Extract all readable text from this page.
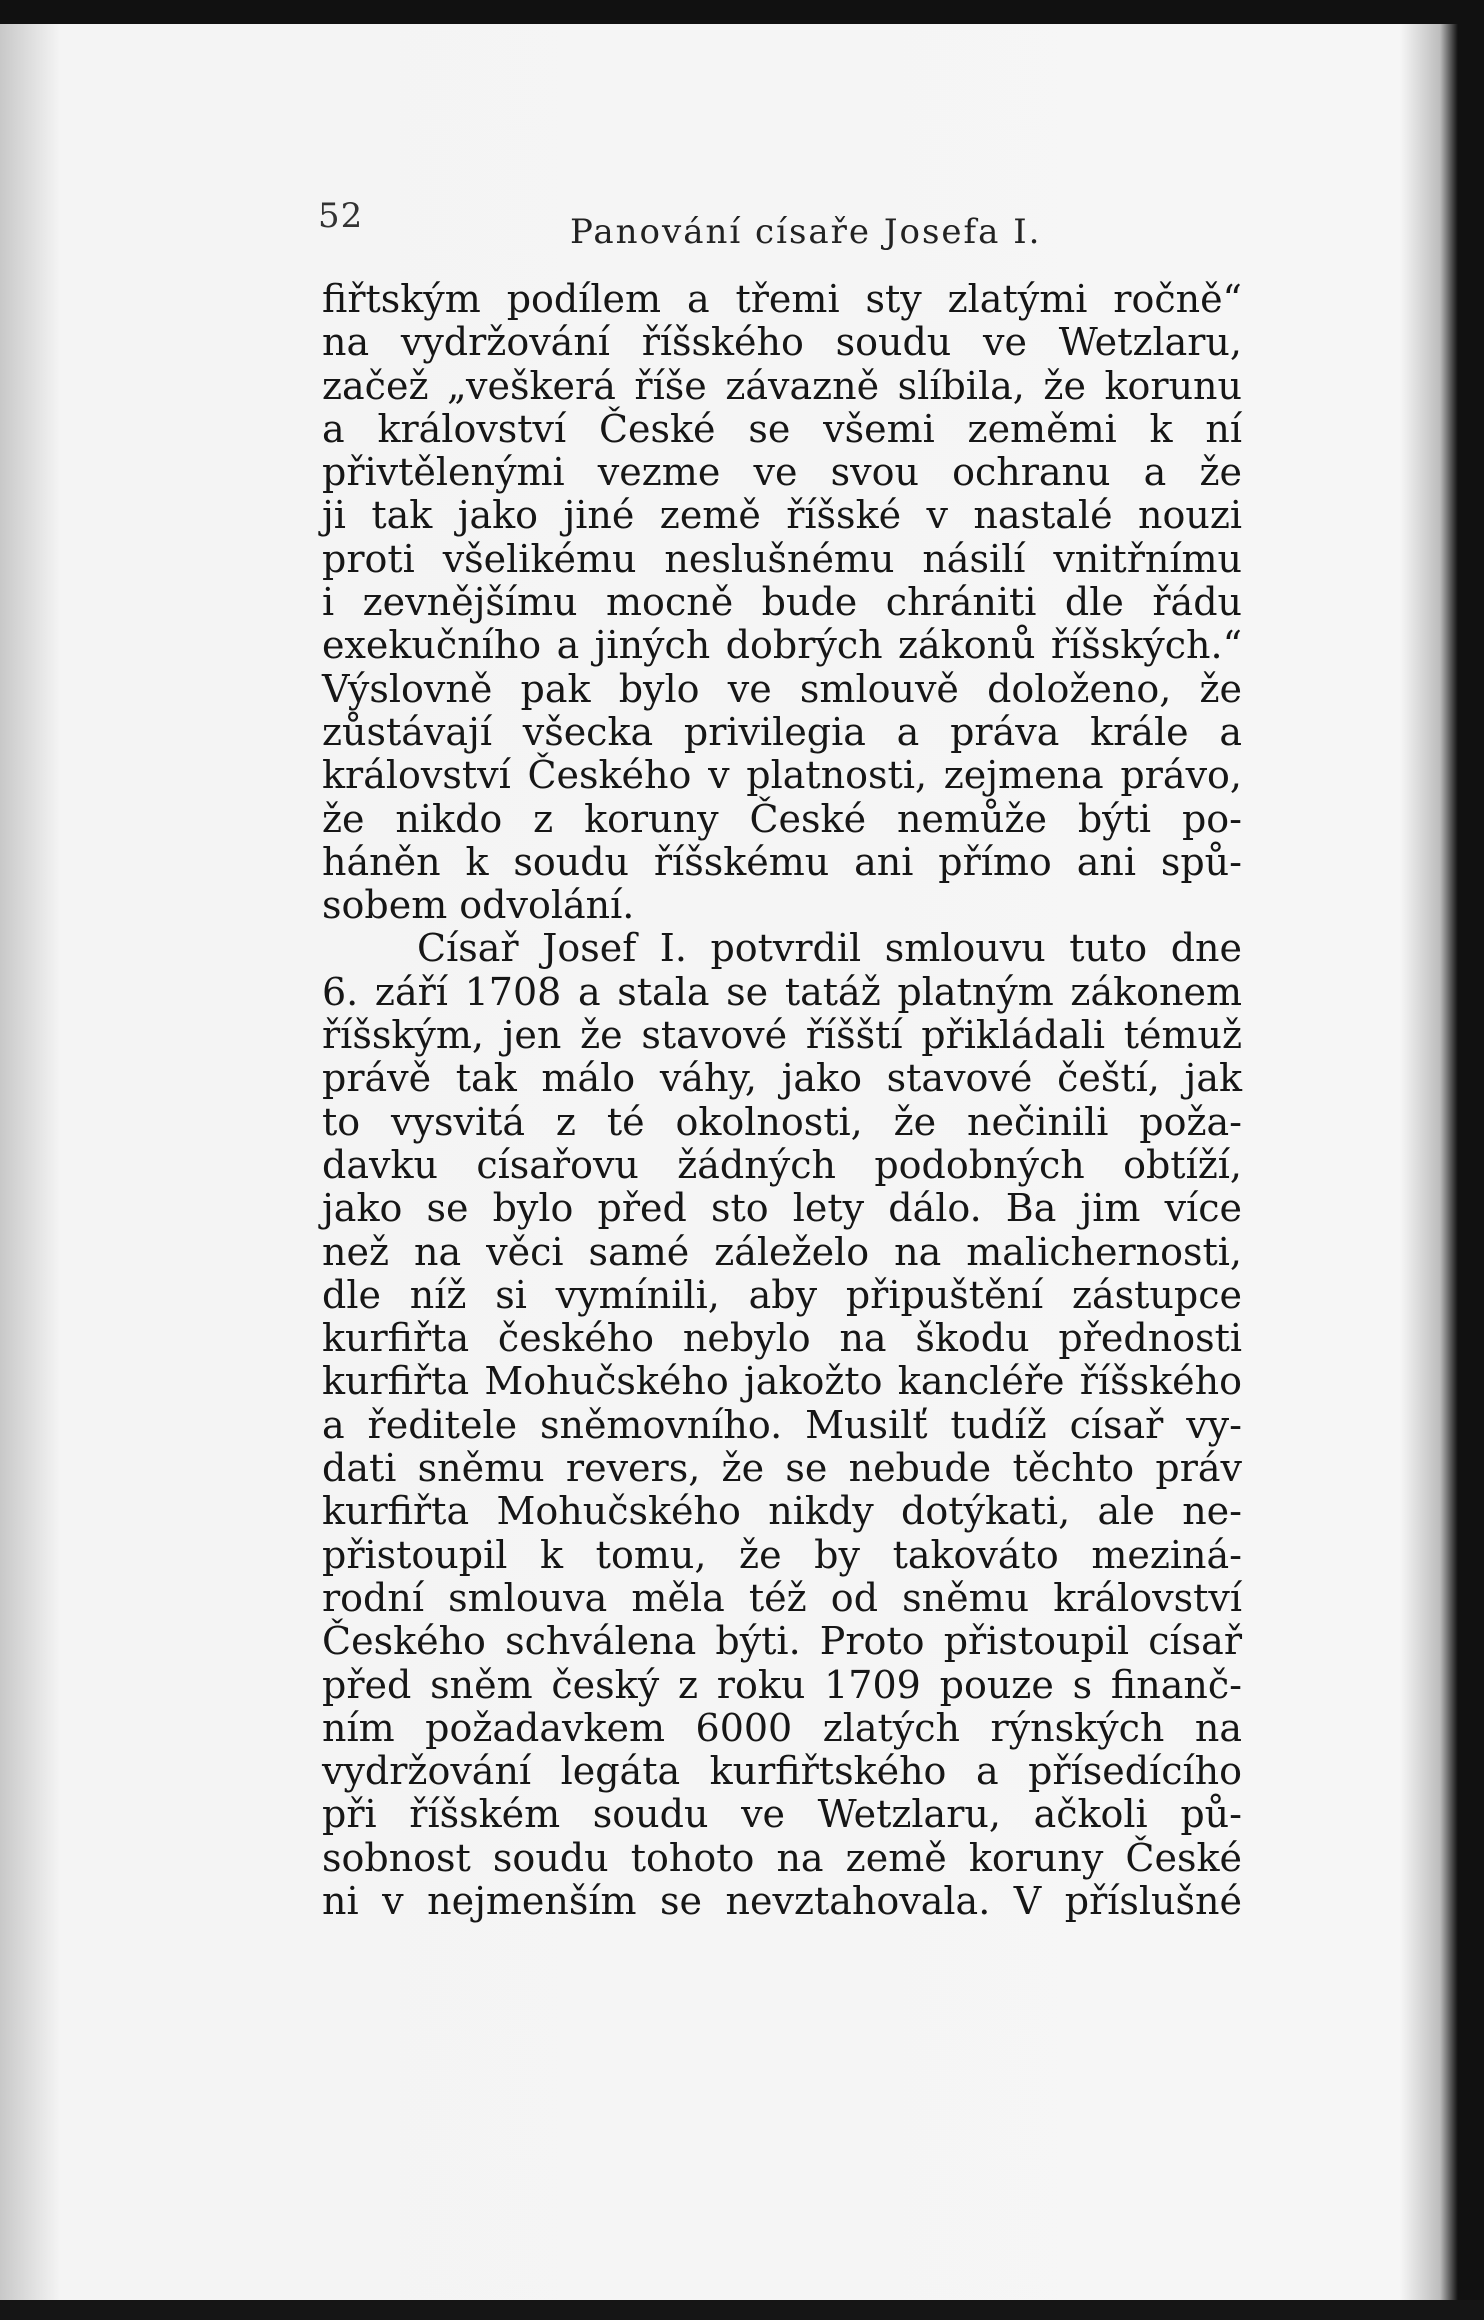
52	Panování císaře Josefa I.
fiřtským podílem a třemi sty zlatými ročně“
na vydržování říšského soudu ve Wetzlaru,
začež „veškerá říše závazně slíbila, že korunu
a království České se všemi zeměmi k ní
přivtělenými vezme ve svou ochranu a že
ji tak jako jiné země říšské v nastalé nouzi
proti všelikému neslušnému násilí vnitřnímu
i zevnějšímu mocně bude chrániti dle řádu
exekučního a jiných dobrých zákonů říšských.“
Výslovně pak bylo ve smlouvě doloženo, že
zůstávají všecka privilegia a práva krále a
království Českého v platnosti, zejmena právo,
že nikdo z koruny České nemůže býti po-
háněn k soudu říšskému ani přímo ani spů-
sobem odvolání.
Císař Josef I. potvrdil smlouvu tuto dne
6. září 1708 a stala se tatáž platným zákonem
říšským, jen že stavové říšští přikládali témuž
právě tak málo váhy, jako stavové čeští, jak
to vysvitá z té okolnosti, že nečinili poža-
davku císařovu žádných podobných obtíží,
jako se bylo před sto lety dálo. Ba jim více
než na věci samé záleželo na malichernosti,
dle níž si vymínili, aby připuštění zástupce
kurfiřta českého nebylo na škodu přednosti
kurfiřta Mohučského jakožto kancléře říšského
a ředitele sněmovního. Musilť tudíž císař vy-
dati sněmu revers, že se nebude těchto práv
kurfiřta Mohučského nikdy dotýkati, ale ne-
přistoupil k tomu, že by takováto meziná-
rodní smlouva měla též od sněmu království
Českého schválena býti. Proto přistoupil císař
před sněm český z roku 1709 pouze s finanč-
ním požadavkem 6000 zlatých rýnských na
vydržování legáta kurfiřtského a přísedícího
při říšském soudu ve Wetzlaru, ačkoli pů-
sobnost soudu tohoto na země koruny České
ni v nejmenším se nevztahovala. V příslušné
